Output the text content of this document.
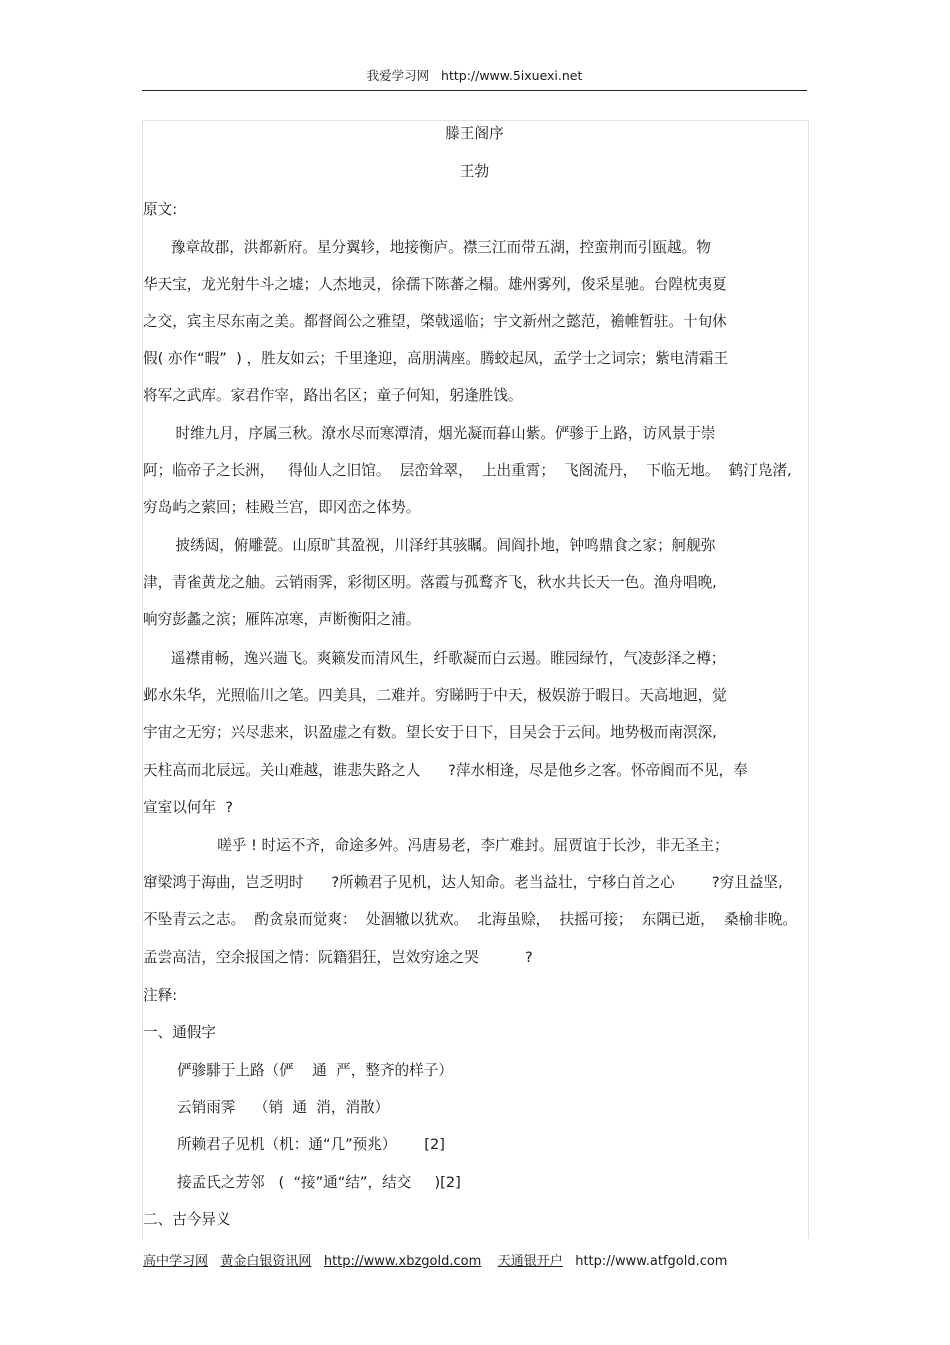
我爱学习网 http://www.5ixuexi.net
滕王阁序
王勃
原文:
豫章故郡，洪都新府。星分翼轸，地接衡庐。襟三江而带五湖，控蛮荆而引瓯越。物
华天宝，龙光射牛斗之墟；人杰地灵，徐孺下陈蕃之榻。雄州雾列，俊采星驰。台隍枕夷夏
之交，宾主尽东南之美。都督阎公之雅望，棨戟遥临；宇文新州之懿范，襜帷暂驻。十旬休
假( 亦作“暇”  ) ，胜友如云；千里逢迎，高朋满座。腾蛟起凤，孟学士之词宗；紫电清霜王
将军之武库。家君作宰，路出名区；童子何知，躬逢胜饯。
时维九月，序属三秋。潦水尽而寒潭清，烟光凝而暮山紫。俨骖于上路，访风景于崇
阿；临帝子之长洲，   得仙人之旧馆。  层峦耸翠，  上出重霄；  飞阁流丹，  下临无地。  鹤汀凫渚,
穷岛屿之萦回；桂殿兰宫，即冈峦之体势。
披绣闼，俯雕甍。山原旷其盈视，川泽纡其骇瞩。闾阎扑地，钟鸣鼎食之家；舸舰弥
津，青雀黄龙之舳。云销雨霁，彩彻区明。落霞与孤鹜齐飞，秋水共长天一色。渔舟唱晚,
响穷彭蠡之滨；雁阵凉寒，声断衡阳之浦。
遥襟甫畅，逸兴遄飞。爽籁发而清风生，纤歌凝而白云遏。睢园绿竹，气凌彭泽之樽；
邺水朱华，光照临川之笔。四美具，二难并。穷睇眄于中天，极娱游于暇日。天高地迥，觉
宇宙之无穷；兴尽悲来，识盈虚之有数。望长安于日下，目吴会于云间。地势极而南溟深,
天柱高而北辰远。关山难越，谁悲失路之人      ?萍水相逢，尽是他乡之客。怀帝阍而不见，奉
宣室以何年  ?
嗟乎 ! 时运不齐，命途多舛。冯唐易老，李广难封。屈贾谊于长沙，非无圣主；
窜梁鸿于海曲，岂乏明时      ?所赖君子见机，达人知命。老当益壮，宁移白首之心        ?穷且益坚,
不坠青云之志。  酌贪泉而觉爽：  处涸辙以犹欢。  北海虽赊，  扶摇可接；  东隅已逝，  桑榆非晚。
孟尝高洁，空余报国之情：阮籍猖狂，岂效穷途之哭          ?
注释:
一、通假字
俨骖騑于上路（俨    通  严，整齐的样子）
云销雨霁    （销  通  消，消散）
所赖君子见机（机：通“几”预兆）      [2]
接孟氏之芳邻   (  “接”通“结”，结交     )[2]
二、古今异义
高中学习网 黄金白银资讯网 http://www.xbzgold.com 天通银开户 http://www.atfgold.com
